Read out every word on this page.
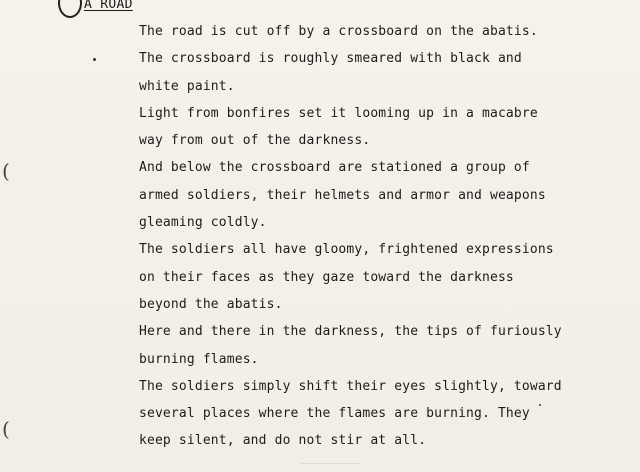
A ROAD
The road is cut off by a crossboard on the abatis.
The crossboard is roughly smeared with black and
white paint.
Light from bonfires set it looming up in a macabre
way from out of the darkness.
And below the crossboard are stationed a group of
armed soldiers, their helmets and armor and weapons
gleaming coldly.
The soldiers all have gloomy, frightened expressions
on their faces as they gaze toward the darkness
beyond the abatis.
Here and there in the darkness, the tips of furiously
burning flames.
The soldiers simply shift their eyes slightly, toward
several places where the flames are burning. They
keep silent, and do not stir at all.
(
(
